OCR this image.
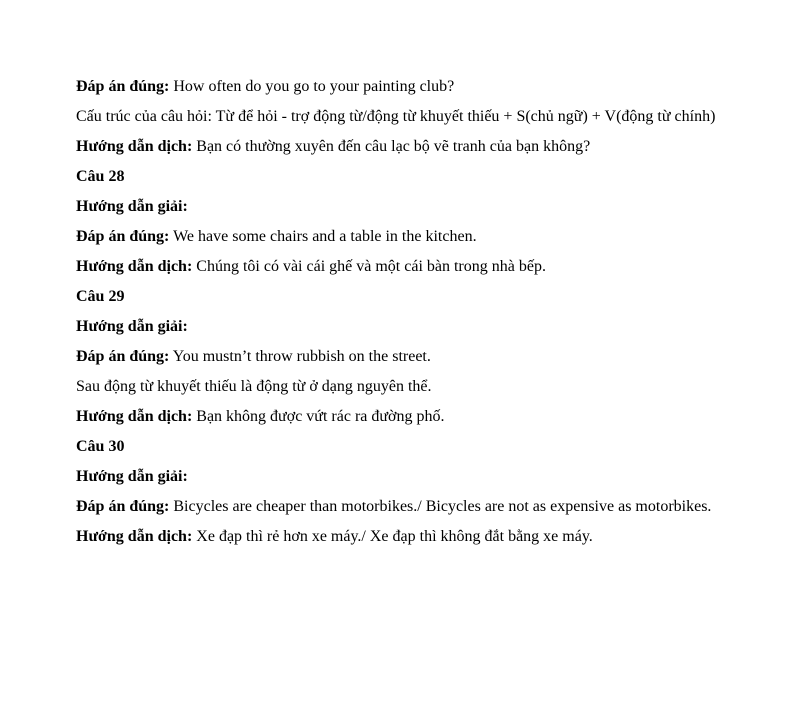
Đáp án đúng: How often do you go to your painting club?
Cấu trúc của câu hỏi: Từ để hỏi - trợ động từ/động từ khuyết thiếu + S(chủ ngữ) + V(động từ chính)
Hướng dẫn dịch: Bạn có thường xuyên đến câu lạc bộ vẽ tranh của bạn không?
Câu 28
Hướng dẫn giải:
Đáp án đúng: We have some chairs and a table in the kitchen.
Hướng dẫn dịch: Chúng tôi có vài cái ghế và một cái bàn trong nhà bếp.
Câu 29
Hướng dẫn giải:
Đáp án đúng: You mustn’t throw rubbish on the street.
Sau động từ khuyết thiếu là động từ ở dạng nguyên thể.
Hướng dẫn dịch: Bạn không được vứt rác ra đường phố.
Câu 30
Hướng dẫn giải:
Đáp án đúng: Bicycles are cheaper than motorbikes./ Bicycles are not as expensive as motorbikes.
Hướng dẫn dịch: Xe đạp thì rẻ hơn xe máy./ Xe đạp thì không đắt bằng xe máy.
